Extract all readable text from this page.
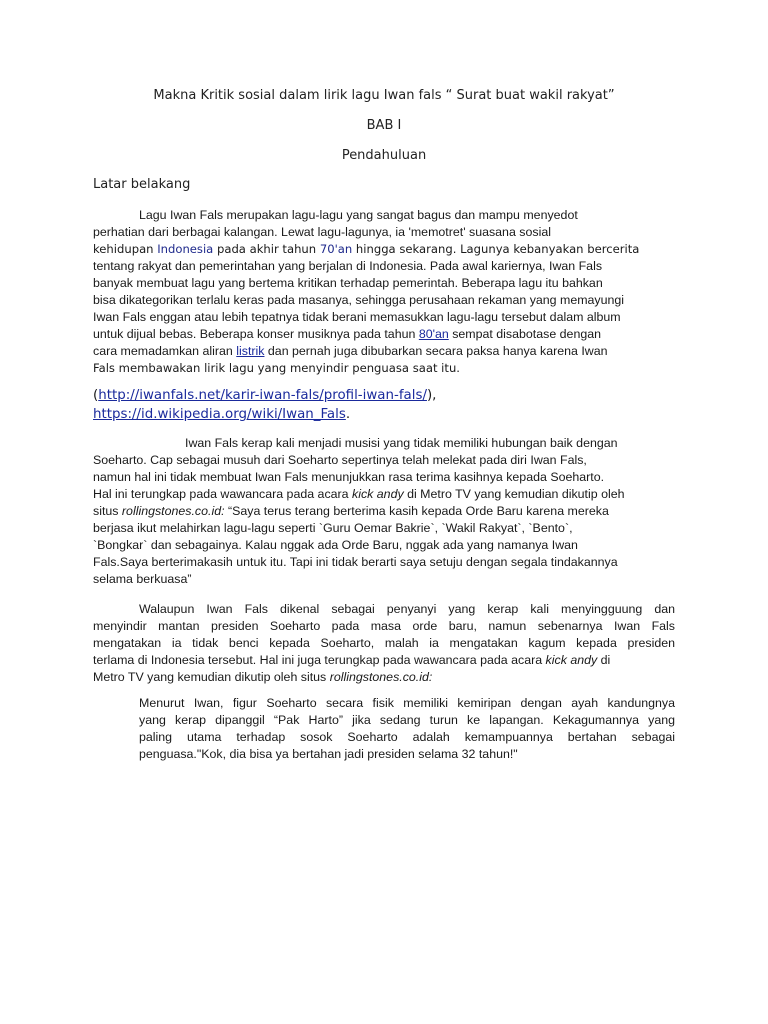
Makna Kritik sosial dalam lirik lagu Iwan fals “ Surat buat wakil rakyat”
BAB I
Pendahuluan
Latar belakang
Lagu Iwan Fals merupakan lagu-lagu yang sangat bagus dan mampu menyedot
perhatian dari berbagai kalangan. Lewat lagu-lagunya, ia 'memotret' suasana sosial
kehidupan Indonesia pada akhir tahun 70'an hingga sekarang. Lagunya kebanyakan bercerita
tentang rakyat dan pemerintahan yang berjalan di Indonesia. Pada awal kariernya, Iwan Fals
banyak membuat lagu yang bertema kritikan terhadap pemerintah. Beberapa lagu itu bahkan
bisa dikategorikan terlalu keras pada masanya, sehingga perusahaan rekaman yang memayungi
Iwan Fals enggan atau lebih tepatnya tidak berani memasukkan lagu-lagu tersebut dalam album
untuk dijual bebas. Beberapa konser musiknya pada tahun 80'an sempat disabotase dengan
cara memadamkan aliran listrik dan pernah juga dibubarkan secara paksa hanya karena Iwan
Fals membawakan lirik lagu yang menyindir penguasa saat itu.
(http://iwanfals.net/karir-iwan-fals/profil-iwan-fals/),
https://id.wikipedia.org/wiki/Iwan_Fals.
Iwan Fals kerap kali menjadi musisi yang tidak memiliki hubungan baik dengan
Soeharto. Cap sebagai musuh dari Soeharto sepertinya telah melekat pada diri Iwan Fals,
namun hal ini tidak membuat Iwan Fals menunjukkan rasa terima kasihnya kepada Soeharto.
Hal ini terungkap pada wawancara pada acara kick andy di Metro TV yang kemudian dikutip oleh
situs rollingstones.co.id: “Saya terus terang berterima kasih kepada Orde Baru karena mereka
berjasa ikut melahirkan lagu-lagu seperti `Guru Oemar Bakrie`, `Wakil Rakyat`, `Bento`,
`Bongkar` dan sebagainya. Kalau nggak ada Orde Baru, nggak ada yang namanya Iwan
Fals.Saya berterimakasih untuk itu. Tapi ini tidak berarti saya setuju dengan segala tindakannya
selama berkuasa”
Walaupun Iwan Fals dikenal sebagai penyanyi yang kerap kali menyingguung dan
menyindir mantan presiden Soeharto pada masa orde baru, namun sebenarnya Iwan Fals
mengatakan ia tidak benci kepada Soeharto, malah ia mengatakan kagum kepada presiden
terlama di Indonesia tersebut. Hal ini juga terungkap pada wawancara pada acara kick andy di
Metro TV yang kemudian dikutip oleh situs rollingstones.co.id:
Menurut Iwan, figur Soeharto secara fisik memiliki kemiripan dengan ayah kandungnya
yang kerap dipanggil “Pak Harto” jika sedang turun ke lapangan. Kekagumannya yang
paling utama terhadap sosok Soeharto adalah kemampuannya bertahan sebagai
penguasa."Kok, dia bisa ya bertahan jadi presiden selama 32 tahun!"
